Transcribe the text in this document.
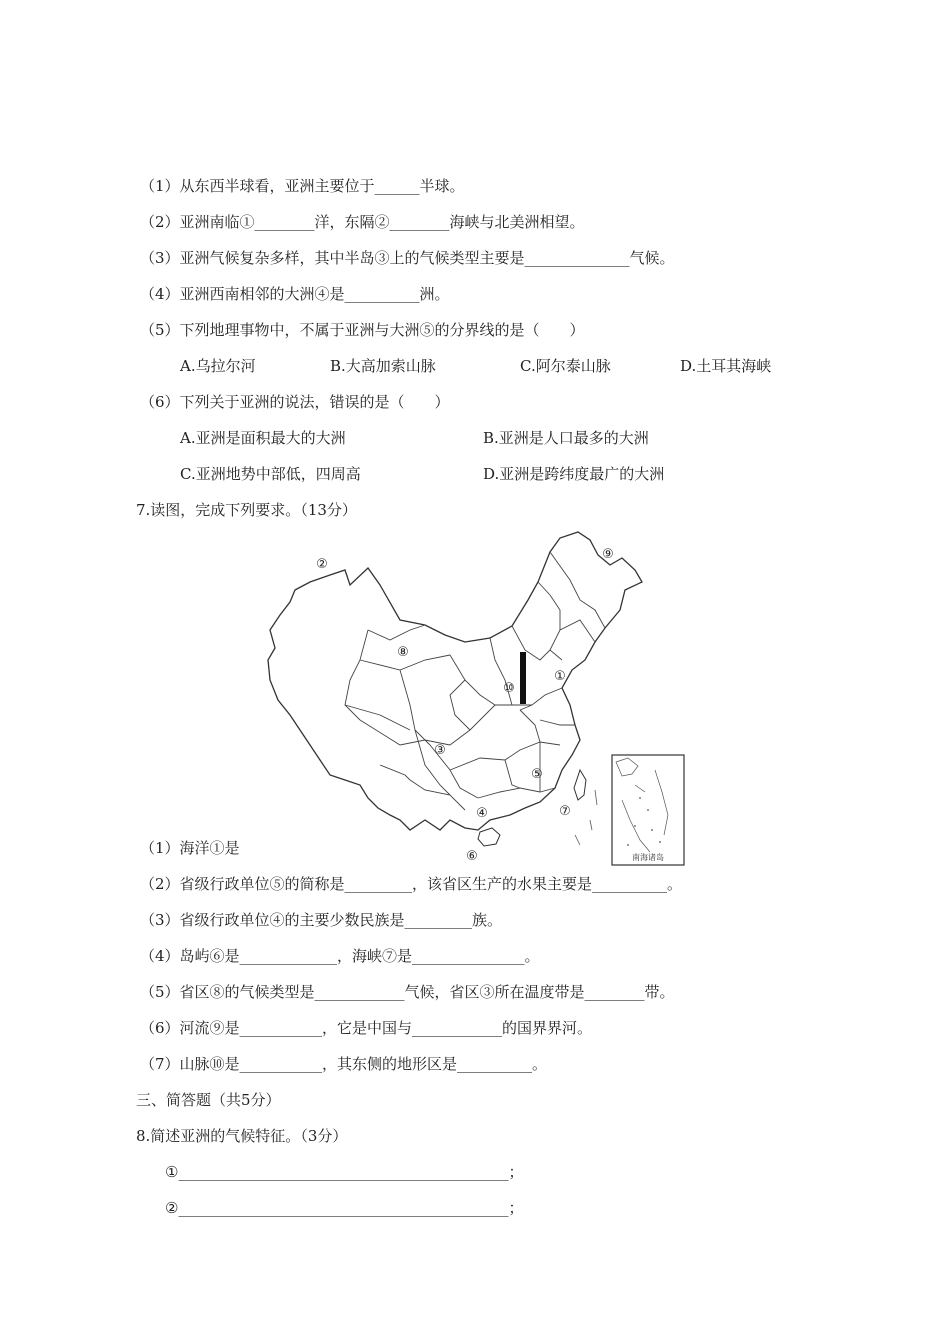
（1）从东西半球看，亚洲主要位于______半球。
（2）亚洲南临①________洋，东隔②________海峡与北美洲相望。
（3）亚洲气候复杂多样，其中半岛③上的气候类型主要是______________气候。
（4）亚洲西南相邻的大洲④是__________洲。
（5）下列地理事物中，不属于亚洲与大洲⑤的分界线的是（　　）
A.乌拉尔河	B.大高加索山脉	C.阿尔泰山脉	D.土耳其海峡
（6）下列关于亚洲的说法，错误的是（　　）
A.亚洲是面积最大的大洲	B.亚洲是人口最多的大洲
C.亚洲地势中部低，四周高	D.亚洲是跨纬度最广的大洲
7.读图，完成下列要求。（13分）
南海诸岛
②
⑨
⑧
⑩
①
③
⑤
⑦
④
⑥
（1）海洋①是
（2）省级行政单位⑤的简称是_________，该省区生产的水果主要是__________。
（3）省级行政单位④的主要少数民族是_________族。
（4）岛屿⑥是_____________，海峡⑦是_______________。
（5）省区⑧的气候类型是____________气候，省区③所在温度带是________带。
（6）河流⑨是___________，它是中国与____________的国界界河。
（7）山脉⑩是___________，其东侧的地形区是__________。
三、简答题（共5分）
8.简述亚洲的气候特征。（3分）
①____________________________________________；
②____________________________________________；
